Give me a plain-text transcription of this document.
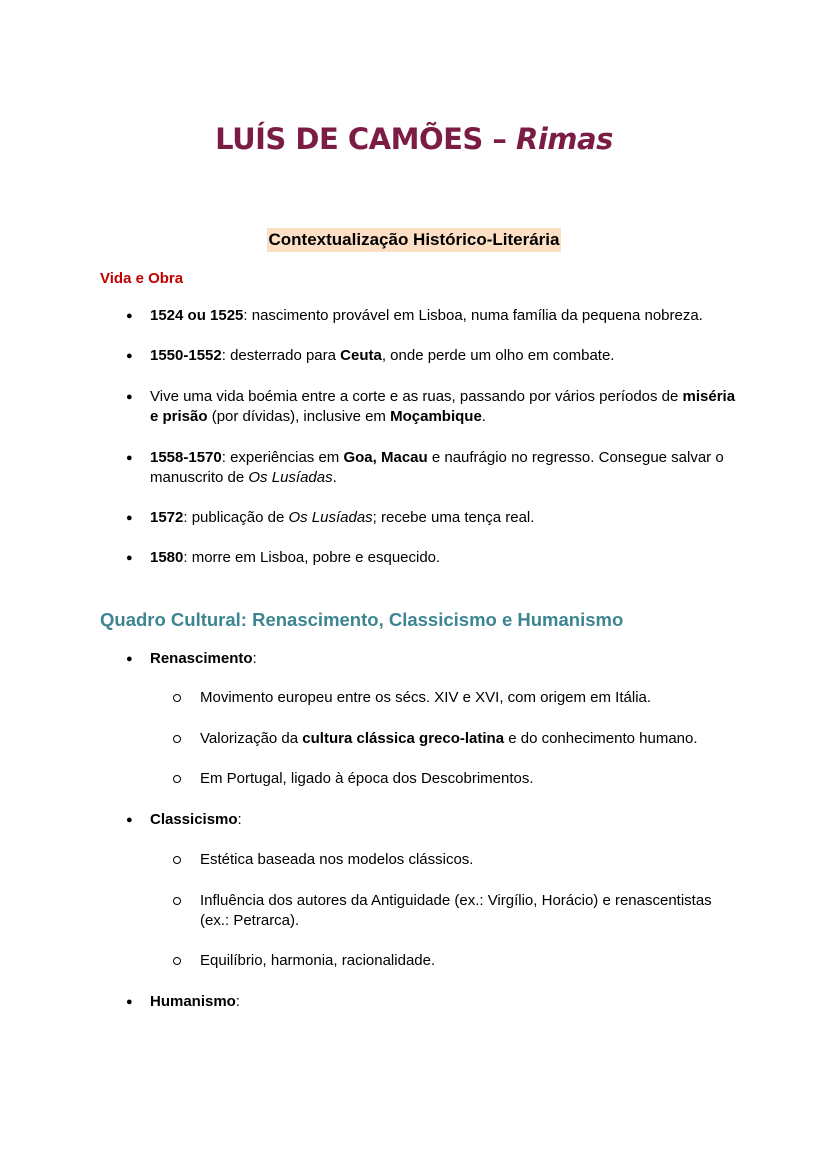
LUÍS DE CAMÕES – Rimas
Contextualização Histórico-Literária
Vida e Obra
● 1524 ou 1525: nascimento provável em Lisboa, numa família da pequena nobreza.
● 1550-1552: desterrado para Ceuta, onde perde um olho em combate.
● Vive uma vida boémia entre a corte e as ruas, passando por vários períodos de miséria e prisão (por dívidas), inclusive em Moçambique.
● 1558-1570: experiências em Goa, Macau e naufrágio no regresso. Consegue salvar o manuscrito de Os Lusíadas.
● 1572: publicação de Os Lusíadas; recebe uma tença real.
● 1580: morre em Lisboa, pobre e esquecido.
Quadro Cultural: Renascimento, Classicismo e Humanismo
● Renascimento:
Movimento europeu entre os sécs. XIV e XVI, com origem em Itália.
Valorização da cultura clássica greco-latina e do conhecimento humano.
Em Portugal, ligado à época dos Descobrimentos.
● Classicismo:
Estética baseada nos modelos clássicos.
Influência dos autores da Antiguidade (ex.: Virgílio, Horácio) e renascentistas (ex.: Petrarca).
Equilíbrio, harmonia, racionalidade.
● Humanismo:
